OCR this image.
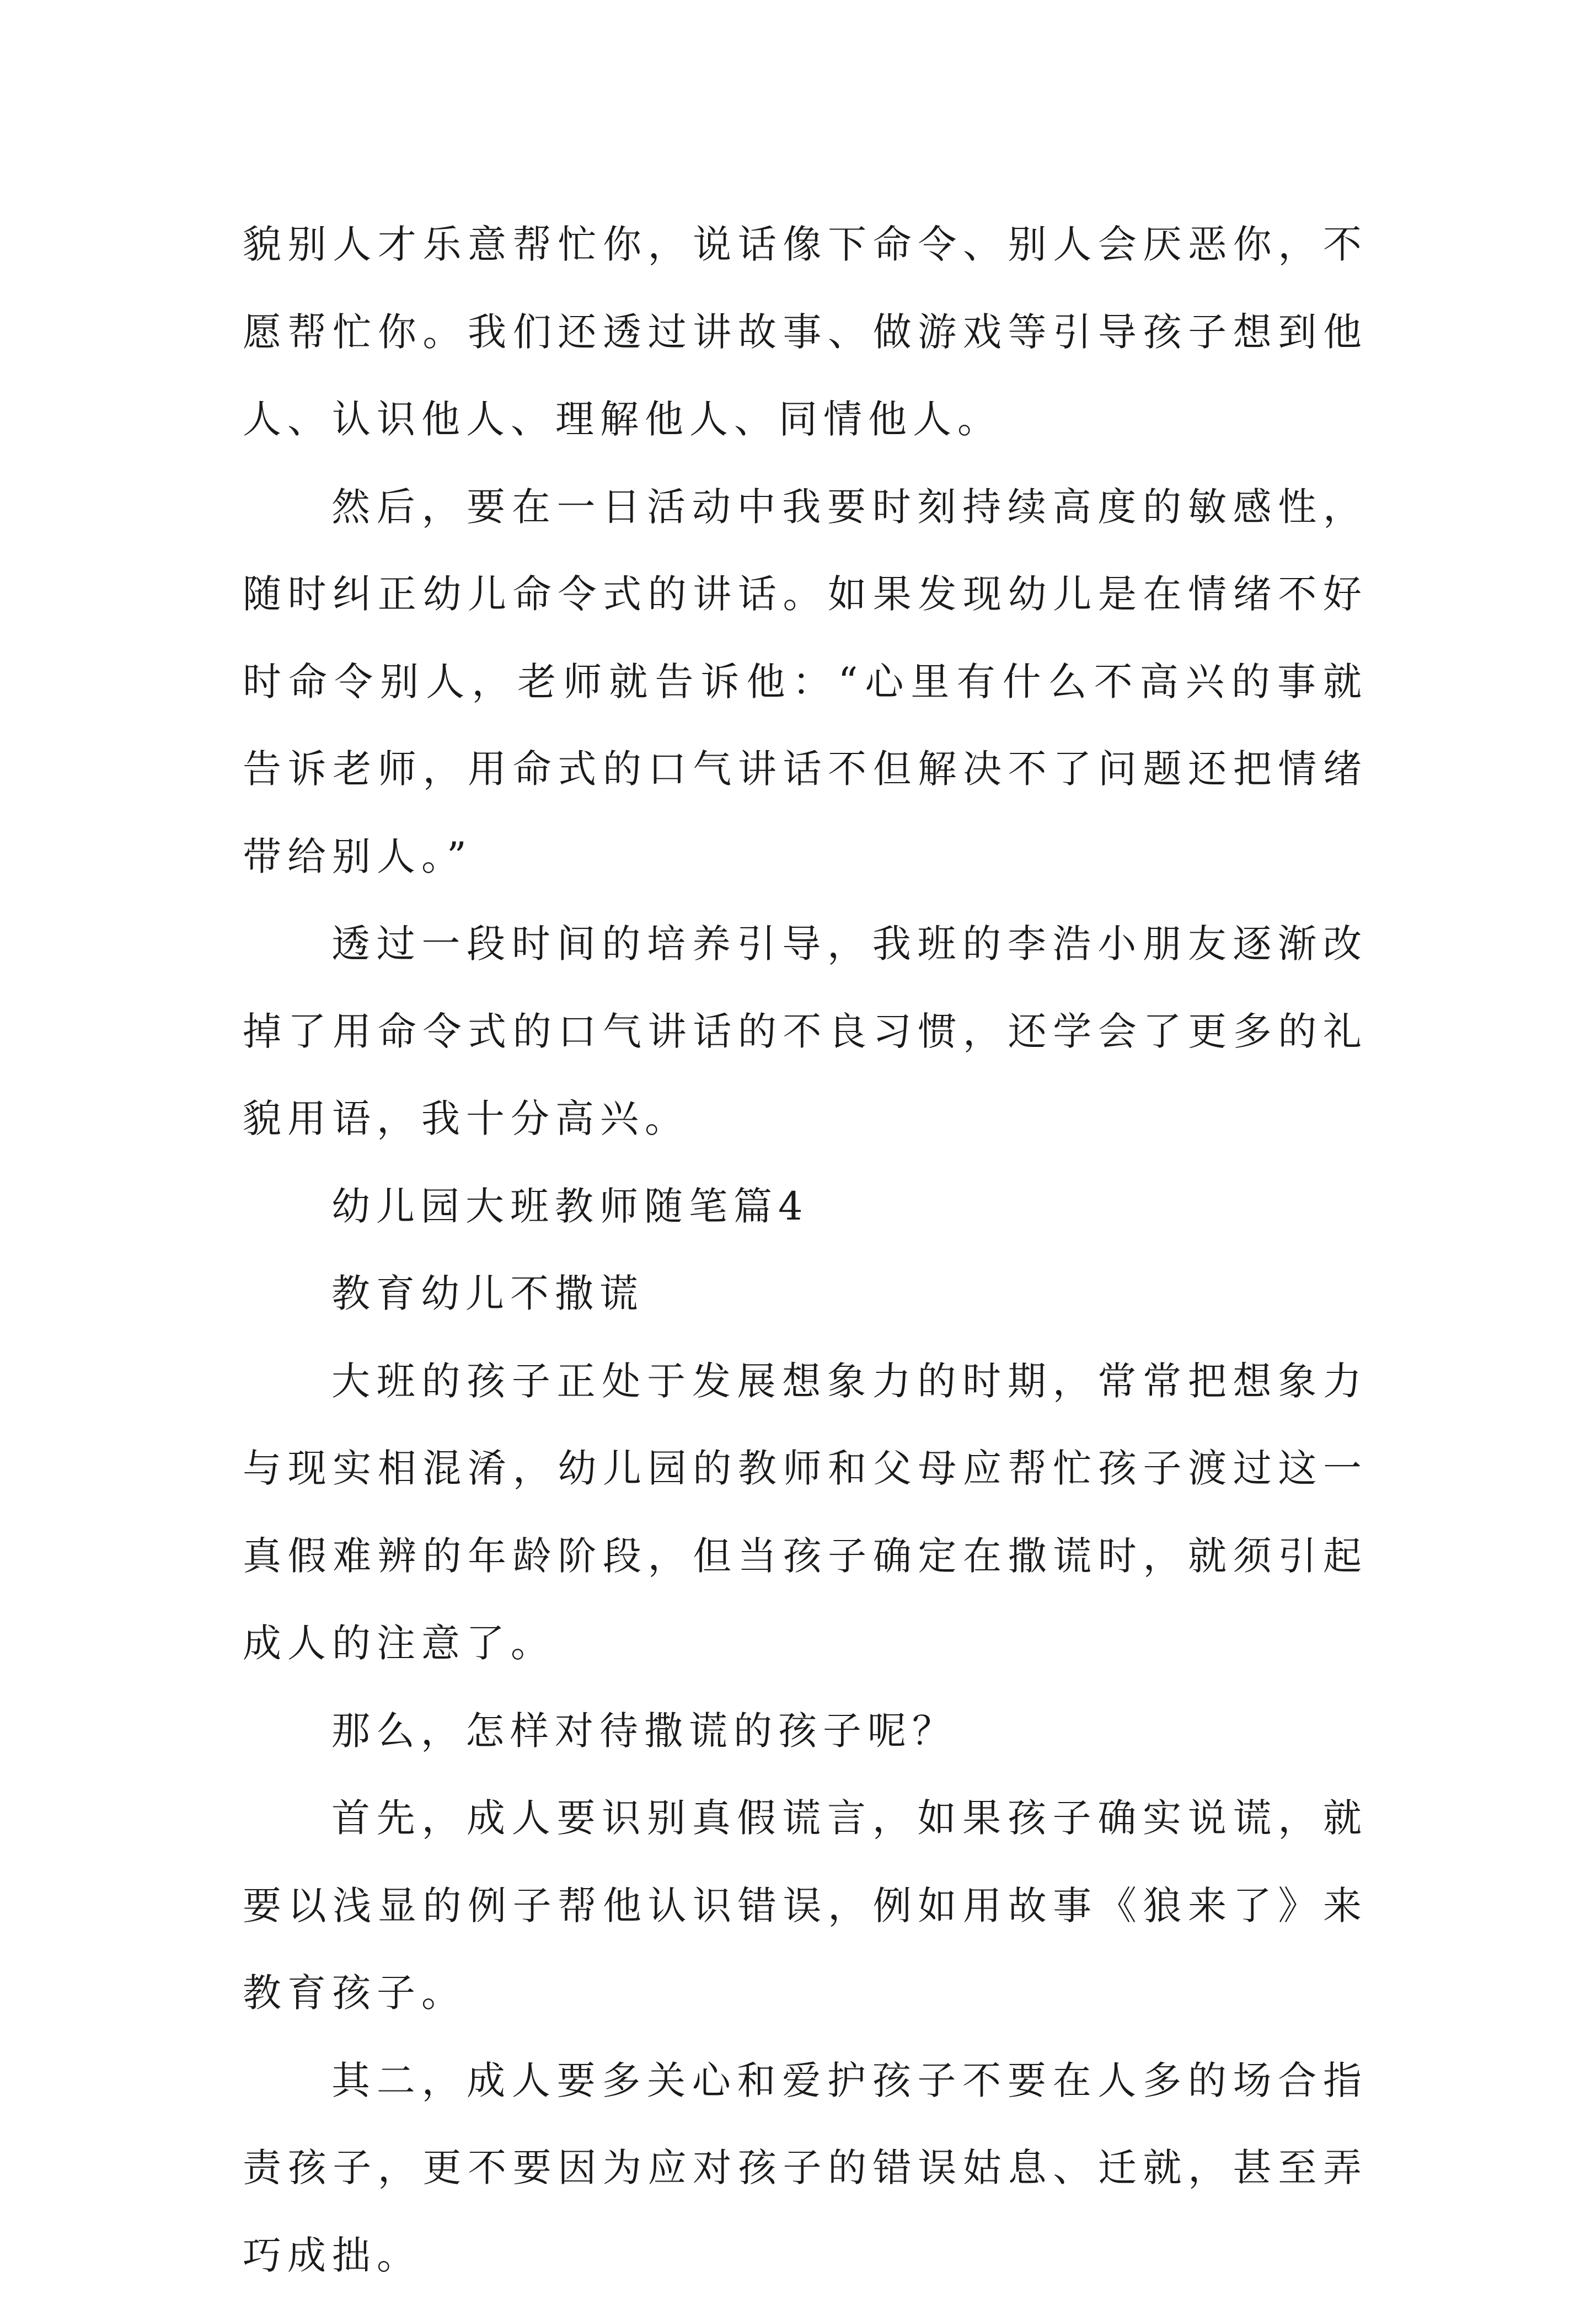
貌别人才乐意帮忙你，说话像下命令、别人会厌恶你，不愿帮忙你。我们还透过讲故事、做游戏等引导孩子想到他人、认识他人、理解他人、同情他人。

然后，要在一日活动中我要时刻持续高度的敏感性，随时纠正幼儿命令式的讲话。如果发现幼儿是在情绪不好时命令别人，老师就告诉他：“心里有什么不高兴的事就告诉老师，用命式的口气讲话不但解决不了问题还把情绪带给别人。”

透过一段时间的培养引导，我班的李浩小朋友逐渐改掉了用命令式的口气讲话的不良习惯，还学会了更多的礼貌用语，我十分高兴。

幼儿园大班教师随笔篇4

教育幼儿不撒谎

大班的孩子正处于发展想象力的时期，常常把想象力与现实相混淆，幼儿园的教师和父母应帮忙孩子渡过这一真假难辨的年龄阶段，但当孩子确定在撒谎时，就须引起成人的注意了。

那么，怎样对待撒谎的孩子呢？

首先，成人要识别真假谎言，如果孩子确实说谎，就要以浅显的例子帮他认识错误，例如用故事《狼来了》来教育孩子。

其二，成人要多关心和爱护孩子不要在人多的场合指责孩子，更不要因为应对孩子的错误姑息、迁就，甚至弄巧成拙。
